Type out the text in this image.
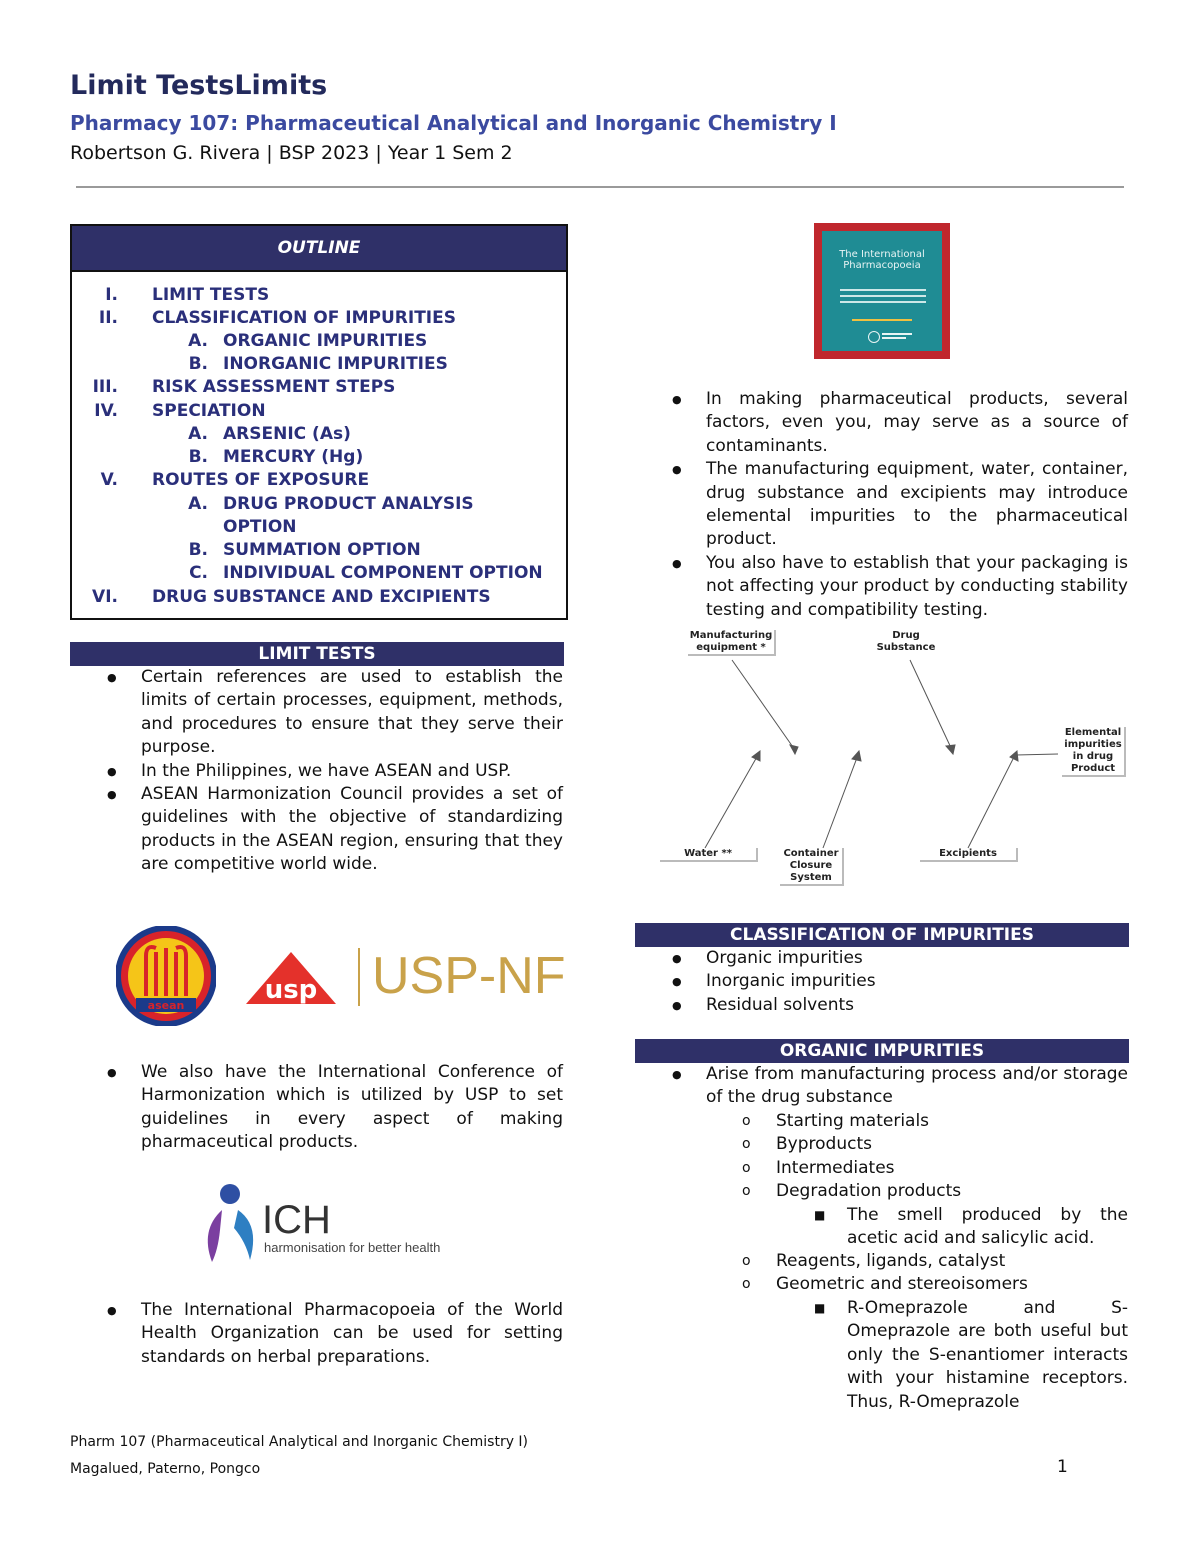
Limit TestsLimits
Pharmacy 107: Pharmaceutical Analytical and Inorganic Chemistry I

Robertson G. Rivera | BSP 2023 | Year 1 Sem 2

OUTLINE
I. LIMIT TESTS
II. CLASSIFICATION OF IMPURITIES
A. ORGANIC IMPURITIES
B. INORGANIC IMPURITIES
III. RISK ASSESSMENT STEPS
IV. SPECIATION
A. ARSENIC (As)
B. MERCURY (Hg)
V. ROUTES OF EXPOSURE
A. DRUG PRODUCT ANALYSIS
OPTION
B. SUMMATION OPTION
C. INDIVIDUAL COMPONENT OPTION
VI. DRUG SUBSTANCE AND EXCIPIENTS
LIMIT TESTS
● Certain references are used to establish the limits of certain processes, equipment, methods, and procedures to ensure that they serve their purpose.
● In the Philippines, we have ASEAN and USP.
● ASEAN Harmonization Council provides a set of guidelines with the objective of standardizing products in the ASEAN region, ensuring that they are competitive world wide.
asean
usp USP-NF
● We also have the International Conference of Harmonization which is utilized by USP to set guidelines in every aspect of making pharmaceutical products.
ICH
harmonisation for better health
● The International Pharmacopoeia of the World Health Organization can be used for setting standards on herbal preparations.
The International
Pharmacopoeia
● In making pharmaceutical products, several factors, even you, may serve as a source of contaminants.
● The manufacturing equipment, water, container, drug substance and excipients may introduce elemental impurities to the pharmaceutical product.
● You also have to establish that your packaging is not affecting your product by conducting stability testing and compatibility testing.
Manufacturing equipment *
Drug Substance
Elemental impurities in drug Product
Water **	Container Closure System
Excipients
CLASSIFICATION OF IMPURITIES
● Organic impurities
● Inorganic impurities
● Residual solvents
ORGANIC IMPURITIES
● Arise from manufacturing process and/or storage of the drug substance
o Starting materials
o Byproducts
o Intermediates
o Degradation products
■ The smell produced by the acetic acid and salicylic acid.
o Reagents, ligands, catalyst
o Geometric and stereoisomers
■ R-Omeprazole and S-Omeprazole are both useful but only the S-enantiomer interacts with your histamine receptors. Thus, R-Omeprazole
Pharm 107 (Pharmaceutical Analytical and Inorganic Chemistry I)
Magalued, Paterno, Pongco	1
